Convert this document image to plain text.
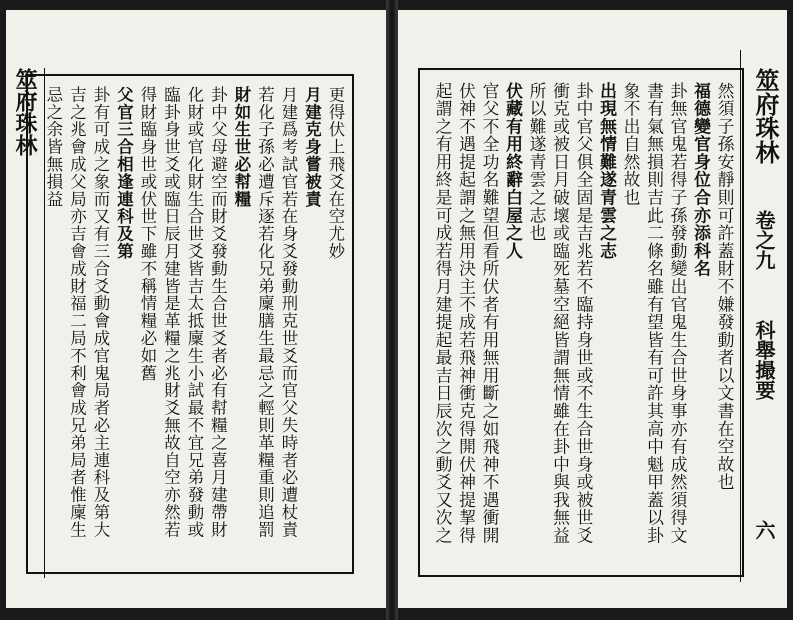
筮府珠林	更得伏上飛爻在空尤妙
月建克身嘗被責
月建爲考試官若在身爻發動刑克世爻而官父失時者必遭杖責
若化子孫必遭斥逐若化兄弟廩膳生最忌之輕則革糧重則追罰
財如生世必幇糧
卦中父母避空而財爻發動生合世爻者必有幇糧之喜月建帶財
化財或官化財生合世爻皆吉太抵廩生小試最不宜兄弟發動或
臨卦身世爻或臨日辰月建皆是革糧之兆財爻無故自空亦然若
得財臨身世或伏世下雖不稱情糧必如舊
父官三合相逢連科及第
卦有可成之象而又有三合爻動會成官鬼局者必主連科及第大
吉之兆會成父局亦吉會成財福二局不利會成兄弟局者惟廩生
忌之余皆無損益	然須子孫安靜則可許蓋財不嫌發動者以文書在空故也
福德變官身位合亦添科名
卦無官鬼若得子孫發動變出官鬼生合世身事亦有成然須得文
書有氣無損則吉此二條名雖有望皆有可許其高中魁甲蓋以卦
象不出自然故也
出現無情難遂青雲之志
卦中官父俱全固是吉兆若不臨持身世或不生合世身或被世爻
衝克或被日月破壞或臨死墓空絕皆謂無情雖在卦中與我無益
所以難遂青雲之志也
伏藏有用終辭白屋之人
官父不全功名難望但看所伏者有用無用斷之如飛神不遇衝開
伏神不遇提起謂之無用決主不成若飛神衝克得開伏神提挈得
起謂之有用終是可成若得月建提起最吉日辰次之動爻又次之	筮府珠林
卷之九
科舉撮要
六
